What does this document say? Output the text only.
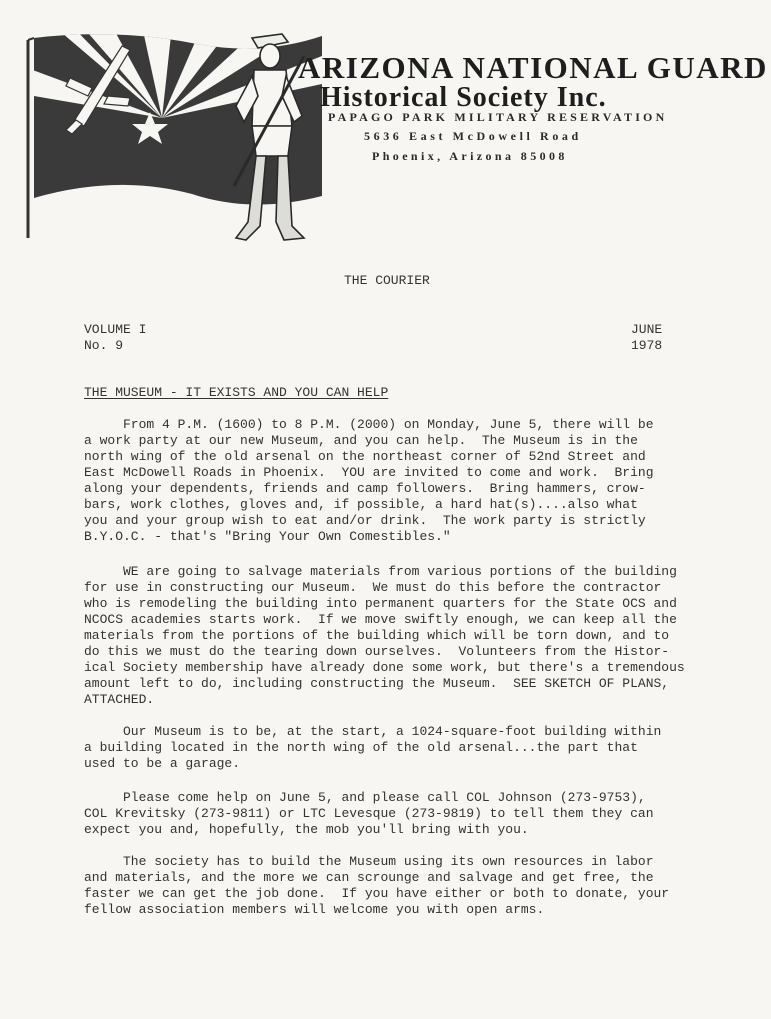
ARIZONA NATIONAL GUARD
Historical Society Inc.
PAPAGO PARK MILITARY RESERVATION
5636 East McDowell Road
Phoenix, Arizona 85008
THE COURIER
VOLUME I
No. 9
JUNE
1978
THE MUSEUM - IT EXISTS AND YOU CAN HELP
From 4 P.M. (1600) to 8 P.M. (2000) on Monday, June 5, there will be
a work party at our new Museum, and you can help.  The Museum is in the
north wing of the old arsenal on the northeast corner of 52nd Street and
East McDowell Roads in Phoenix.  YOU are invited to come and work.  Bring
along your dependents, friends and camp followers.  Bring hammers, crow-
bars, work clothes, gloves and, if possible, a hard hat(s)....also what
you and your group wish to eat and/or drink.  The work party is strictly
B.Y.O.C. - that's "Bring Your Own Comestibles."
WE are going to salvage materials from various portions of the building
for use in constructing our Museum.  We must do this before the contractor
who is remodeling the building into permanent quarters for the State OCS and
NCOCS academies starts work.  If we move swiftly enough, we can keep all the
materials from the portions of the building which will be torn down, and to
do this we must do the tearing down ourselves.  Volunteers from the Histor-
ical Society membership have already done some work, but there's a tremendous
amount left to do, including constructing the Museum.  SEE SKETCH OF PLANS,
ATTACHED.
Our Museum is to be, at the start, a 1024-square-foot building within
a building located in the north wing of the old arsenal...the part that
used to be a garage.
Please come help on June 5, and please call COL Johnson (273-9753),
COL Krevitsky (273-9811) or LTC Levesque (273-9819) to tell them they can
expect you and, hopefully, the mob you'll bring with you.
The society has to build the Museum using its own resources in labor
and materials, and the more we can scrounge and salvage and get free, the
faster we can get the job done.  If you have either or both to donate, your
fellow association members will welcome you with open arms.
